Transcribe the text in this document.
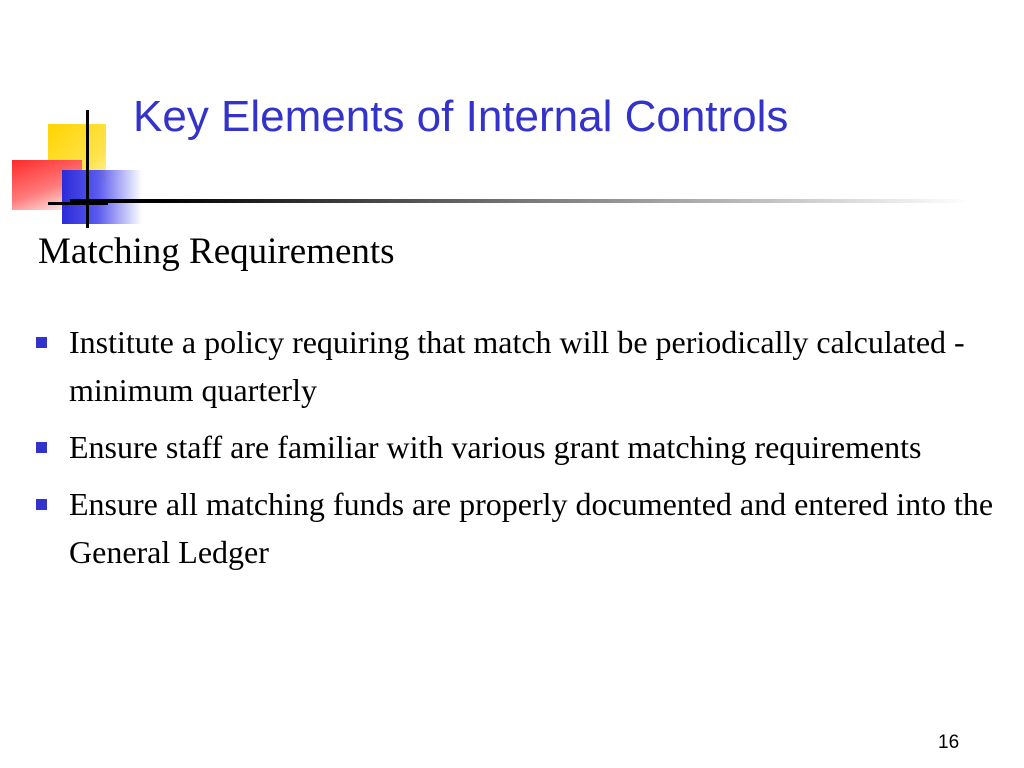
Key Elements of Internal Controls
Matching Requirements
Institute a policy requiring that match will be periodically calculated - minimum quarterly
Ensure staff are familiar with various grant matching requirements
Ensure all matching funds are properly documented and entered into the General Ledger
16
